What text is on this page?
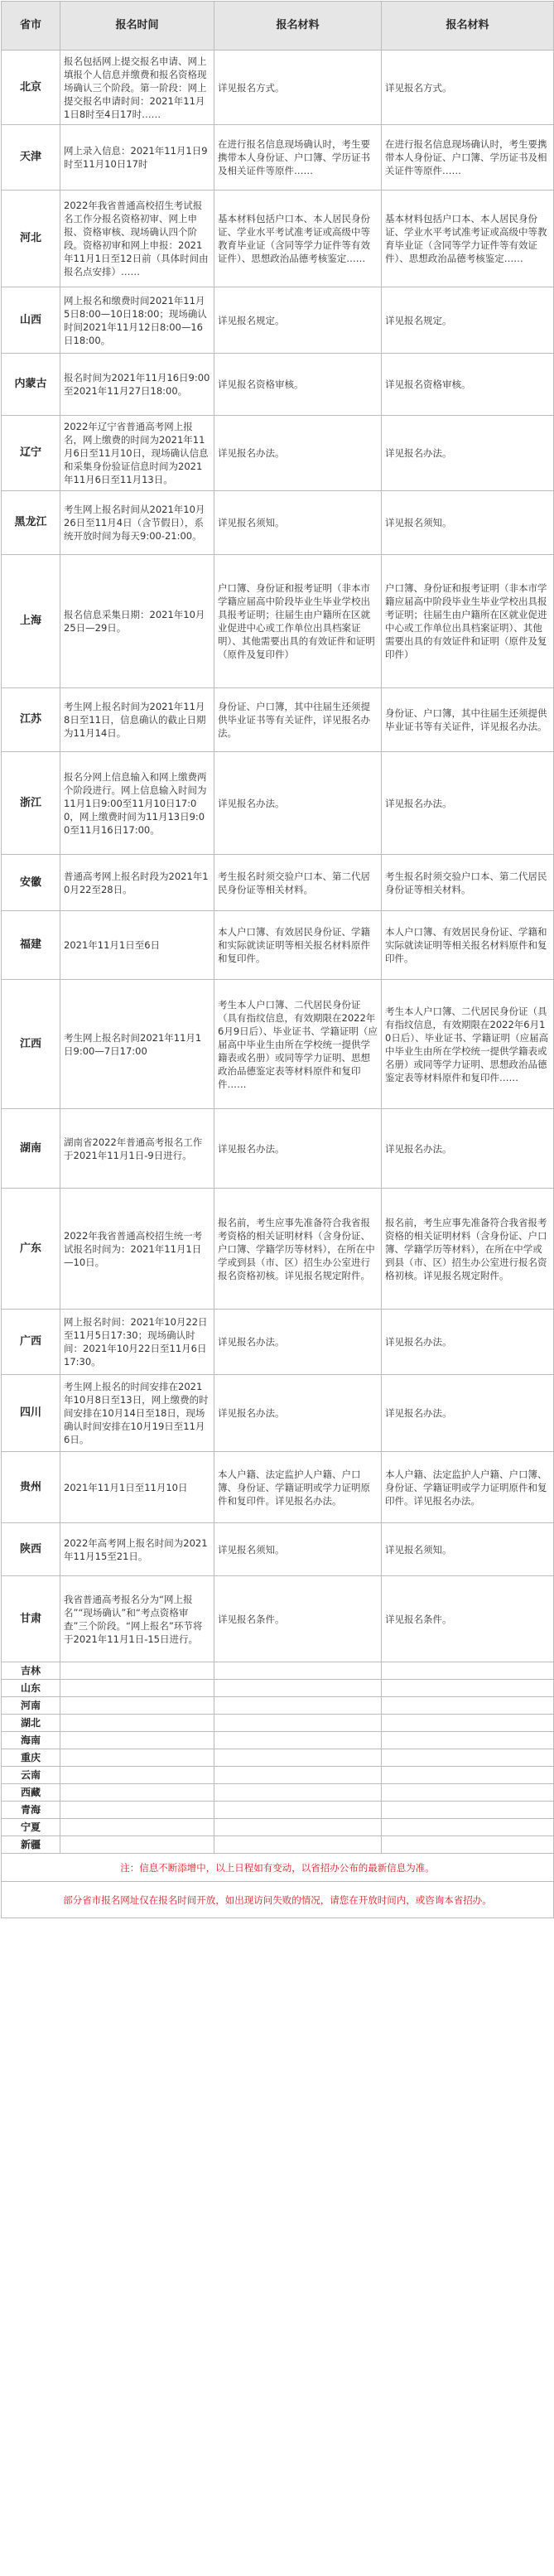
省市	报名时间	报名材料	报名材料
北京	报名包括网上提交报名申请、网上填报个人信息并缴费和报名资格现场确认三个阶段。第一阶段：网上提交报名申请时间：2021年11月1日8时至4日17时……	详见报名方式。	详见报名方式。
天津	网上录入信息：2021年11月1日9时至11月10日17时	在进行报名信息现场确认时，考生要携带本人身份证、户口簿、学历证书及相关证件等原件……	在进行报名信息现场确认时，考生要携带本人身份证、户口簿、学历证书及相关证件等原件……
河北	2022年我省普通高校招生考试报名工作分报名资格初审、网上申报、资格审核、现场确认四个阶段。资格初审和网上申报：2021年11月1日至12日前（具体时间由报名点安排）……	基本材料包括户口本、本人居民身份证、学业水平考试准考证或高级中等教育毕业证（含同等学力证件等有效证件）、思想政治品德考核鉴定……	基本材料包括户口本、本人居民身份证、学业水平考试准考证或高级中等教育毕业证（含同等学力证件等有效证件）、思想政治品德考核鉴定……
山西	网上报名和缴费时间2021年11月5日8:00—10日18:00；现场确认时间2021年11月12日8:00—16日18:00。	详见报名规定。	详见报名规定。
内蒙古	报名时间为2021年11月16日9:00至2021年11月27日18:00。	详见报名资格审核。	详见报名资格审核。
辽宁	2022年辽宁省普通高考网上报名，网上缴费的时间为2021年11月6日至11月10日，现场确认信息和采集身份验证信息时间为2021年11月6日至11月13日。	详见报名办法。	详见报名办法。
黑龙江	考生网上报名时间从2021年10月26日至11月4日（含节假日），系统开放时间为每天9:00-21:00。	详见报名须知。	详见报名须知。
上海	报名信息采集日期：2021年10月25日—29日。	户口簿、身份证和报考证明（非本市学籍应届高中阶段毕业生毕业学校出具报考证明；往届生由户籍所在区就业促进中心或工作单位出具档案证明）、其他需要出具的有效证件和证明（原件及复印件）	户口簿、身份证和报考证明（非本市学籍应届高中阶段毕业生毕业学校出具报考证明；往届生由户籍所在区就业促进中心或工作单位出具档案证明）、其他需要出具的有效证件和证明（原件及复印件）
江苏	考生网上报名时间为2021年11月8日至11日，信息确认的截止日期为11月14日。	身份证、户口簿，其中往届生还须提供毕业证书等有关证件，详见报名办法。	身份证、户口簿，其中往届生还须提供毕业证书等有关证件，详见报名办法。
浙江	报名分网上信息输入和网上缴费两个阶段进行。网上信息输入时间为11月1日9:00至11月10日17:00，网上缴费时间为11月13日9:00至11月16日17:00。	详见报名办法。	详见报名办法。
安徽	普通高考网上报名时段为2021年10月22至28日。	考生报名时须交验户口本、第二代居民身份证等相关材料。	考生报名时须交验户口本、第二代居民身份证等相关材料。
福建	2021年11月1日至6日	本人户口簿、有效居民身份证、学籍和实际就读证明等相关报名材料原件和复印件。	本人户口簿、有效居民身份证、学籍和实际就读证明等相关报名材料原件和复印件。
江西	考生网上报名时间2021年11月1日9:00—7日17:00	考生本人户口簿、二代居民身份证（具有指纹信息，有效期限在2022年6月9日后）、毕业证书、学籍证明（应届高中毕业生由所在学校统一提供学籍表或名册）或同等学力证明、思想政治品德鉴定表等材料原件和复印件……	考生本人户口簿、二代居民身份证（具有指纹信息，有效期限在2022年6月10日后）、毕业证书、学籍证明（应届高中毕业生由所在学校统一提供学籍表或名册）或同等学力证明、思想政治品德鉴定表等材料原件和复印件……
湖南	湖南省2022年普通高考报名工作于2021年11月1日-9日进行。	详见报名办法。	详见报名办法。
广东	2022年我省普通高校招生统一考试报名时间为：2021年11月1日—10日。	报名前，考生应事先准备符合我省报考资格的相关证明材料（含身份证、户口簿、学籍学历等材料），在所在中学或到县（市、区）招生办公室进行报名资格初核。详见报名规定附件。	报名前，考生应事先准备符合我省报考资格的相关证明材料（含身份证、户口簿、学籍学历等材料），在所在中学或到县（市、区）招生办公室进行报名资格初核。详见报名规定附件。
广西	网上报名时间：2021年10月22日至11月5日17:30；现场确认时间：2021年10月22日至11月6日17:30。	详见报名办法。	详见报名办法。
四川	考生网上报名的时间安排在2021年10月8日至13日，网上缴费的时间安排在10月14日至18日，现场确认时间安排在10月19日至11月6日。	详见报名办法。	详见报名办法。
贵州	2021年11月1日至11月10日	本人户籍、法定监护人户籍、户口簿、身份证、学籍证明或学力证明原件和复印件。详见报名办法。	本人户籍、法定监护人户籍、户口簿、身份证、学籍证明或学力证明原件和复印件。详见报名办法。
陕西	2022年高考网上报名时间为2021年11月15至21日。	详见报名须知。	详见报名须知。
甘肃	我省普通高考报名分为“网上报名”“现场确认”和“考点资格审查”三个阶段。“网上报名”环节将于2021年11月1日-15日进行。	详见报名条件。	详见报名条件。
吉林			
山东			
河南			
湖北			
海南			
重庆			
云南			
西藏			
青海			
宁夏			
新疆			
注：信息不断添增中，以上日程如有变动，以省招办公布的最新信息为准。			
部分省市报名网址仅在报名时间开放，如出现访问失败的情况，请您在开放时间内，或咨询本省招办。			
